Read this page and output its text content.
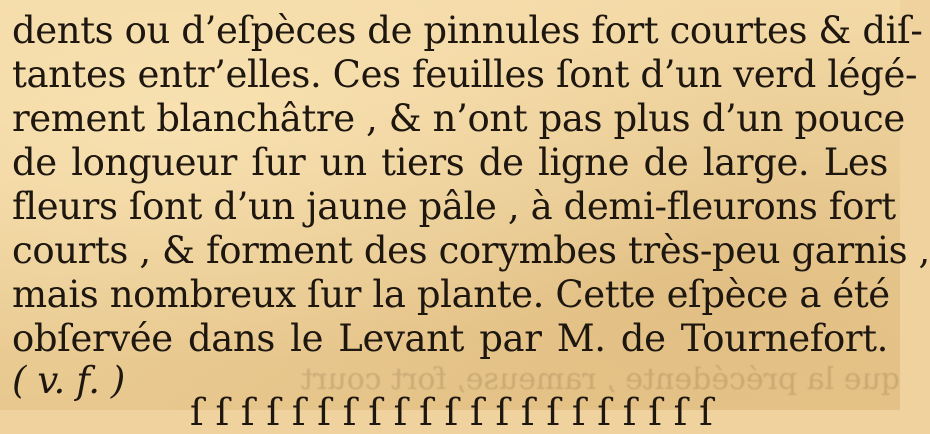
que la précédente , rameuse, fort court
dents ou d’eſpèces de pinnules fort courtes & diſ-
tantes entr’elles. Ces feuilles ſont d’un verd légé-
rement blanchâtre , & n’ont pas plus d’un pouce
de longueur ſur un tiers de ligne de large. Les
fleurs ſont d’un jaune pâle , à demi-fleurons fort
courts , & forment des corymbes très-peu garnis ,
mais nombreux ſur la plante. Cette eſpèce a été
obſervée dans le Levant par M. de Tournefort.
( v. f. )
ſ ſ ſ ſ ſ ſ ſ ſ ſ ſ ſ ſ ſ ſ ſ ſ ſ ſ ſ ſ ſ
